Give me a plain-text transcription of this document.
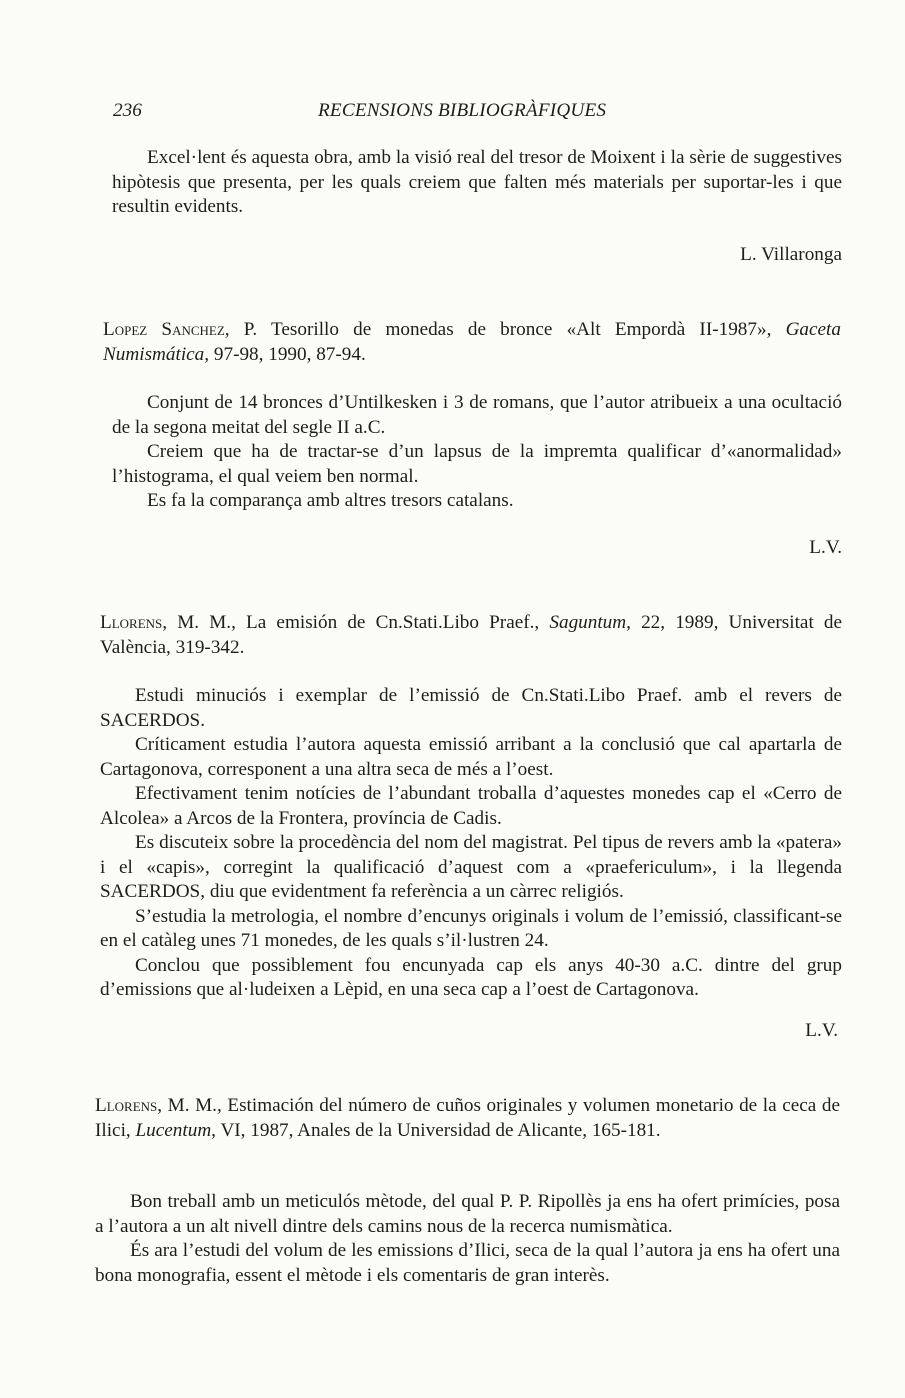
236	RECENSIONS BIBLIOGRÀFIQUES

Excel·lent és aquesta obra, amb la visió real del tresor de Moixent i la sèrie de suggestives hipòtesis que presenta, per les quals creiem que falten més materials per suportar-les i que resultin evidents.

L. Villaronga
Lopez Sanchez, P. Tesorillo de monedas de bronce «Alt Empordà II-1987», Gaceta Numismática, 97-98, 1990, 87-94.

Conjunt de 14 bronces d’Untilkesken i 3 de romans, que l’autor atribueix a una ocultació de la segona meitat del segle II a.C.

Creiem que ha de tractar-se d’un lapsus de la impremta qualificar d’«anormalidad» l’histograma, el qual veiem ben normal.

Es fa la comparança amb altres tresors catalans.

L.V.
Llorens, M. M., La emisión de Cn.Stati.Libo Praef., Saguntum, 22, 1989, Universitat de València, 319-342.

Estudi minuciós i exemplar de l’emissió de Cn.Stati.Libo Praef. amb el revers de SACERDOS.

Críticament estudia l’autora aquesta emissió arribant a la conclusió que cal apartarla de Cartagonova, corresponent a una altra seca de més a l’oest.

Efectivament tenim notícies de l’abundant troballa d’aquestes monedes cap el «Cerro de Alcolea» a Arcos de la Frontera, província de Cadis.

Es discuteix sobre la procedència del nom del magistrat. Pel tipus de revers amb la «patera» i el «capis», corregint la qualificació d’aquest com a «praefericulum», i la llegenda SACERDOS, diu que evidentment fa referència a un càrrec religiós.

S’estudia la metrologia, el nombre d’encunys originals i volum de l’emissió, classificant-se en el catàleg unes 71 monedes, de les quals s’il·lustren 24.

Conclou que possiblement fou encunyada cap els anys 40-30 a.C. dintre del grup d’emissions que al·ludeixen a Lèpid, en una seca cap a l’oest de Cartagonova.

L.V.
Llorens, M. M., Estimación del número de cuños originales y volumen monetario de la ceca de Ilici, Lucentum, VI, 1987, Anales de la Universidad de Alicante, 165-181.

Bon treball amb un meticulós mètode, del qual P. P. Ripollès ja ens ha ofert primícies, posa a l’autora a un alt nivell dintre dels camins nous de la recerca numismàtica.

És ara l’estudi del volum de les emissions d’Ilici, seca de la qual l’autora ja ens ha ofert una bona monografia, essent el mètode i els comentaris de gran interès.
